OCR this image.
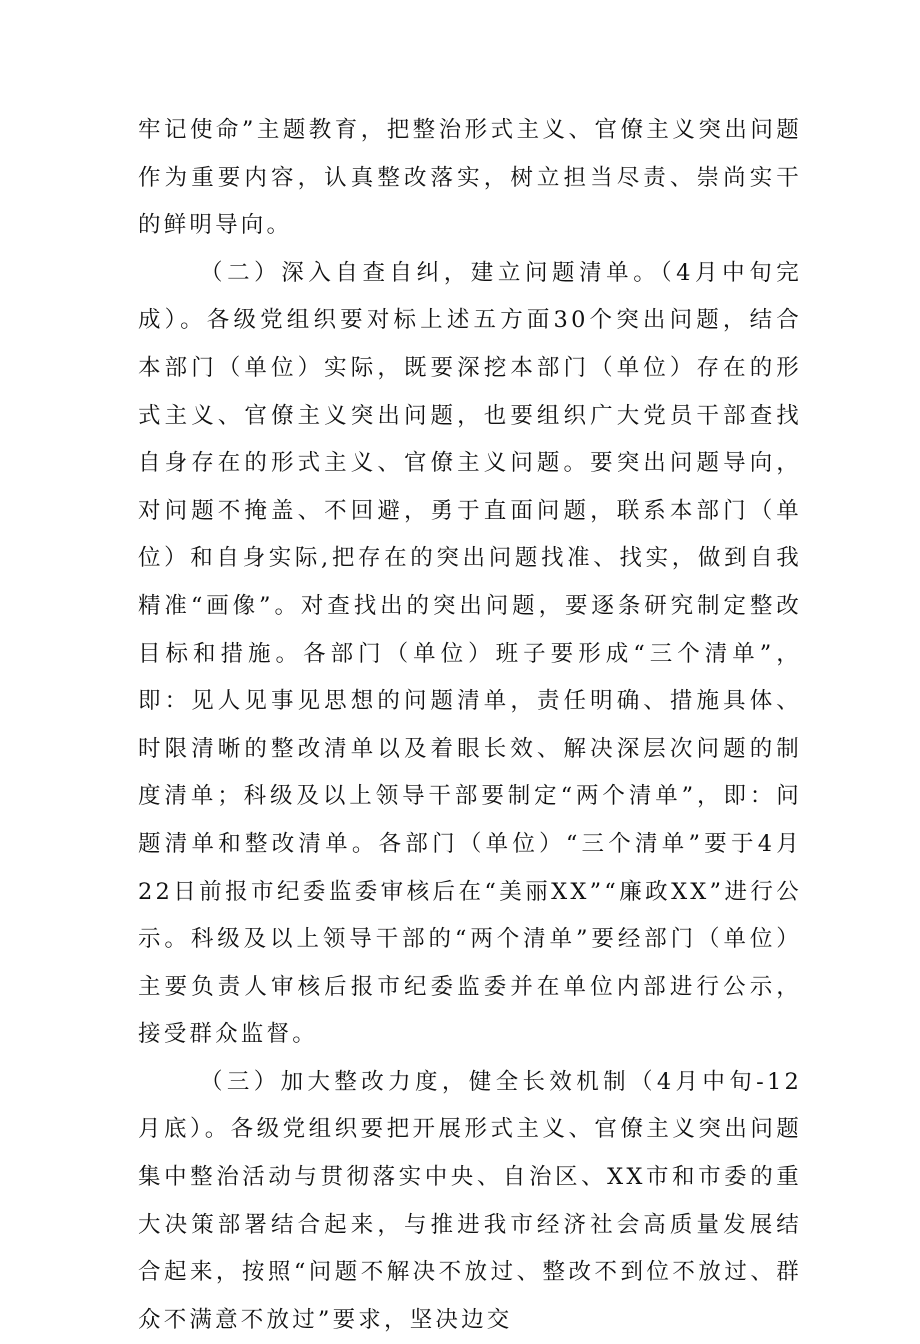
牢记使命”主题教育，把整治形式主义、官僚主义突出问题作为重要内容，认真整改落实，树立担当尽责、崇尚实干的鲜明导向。

（二）深入自查自纠，建立问题清单。（4月中旬完成）。各级党组织要对标上述五方面30个突出问题，结合本部门（单位）实际，既要深挖本部门（单位）存在的形式主义、官僚主义突出问题，也要组织广大党员干部查找自身存在的形式主义、官僚主义问题。要突出问题导向，对问题不掩盖、不回避，勇于直面问题，联系本部门（单位）和自身实际,把存在的突出问题找准、找实，做到自我精准“画像”。对查找出的突出问题，要逐条研究制定整改目标和措施。各部门（单位）班子要形成“三个清单”，即：见人见事见思想的问题清单，责任明确、措施具体、时限清晰的整改清单以及着眼长效、解决深层次问题的制度清单；科级及以上领导干部要制定“两个清单”，即：问题清单和整改清单。各部门（单位）“三个清单”要于4月22日前报市纪委监委审核后在“美丽XX”“廉政XX”进行公示。科级及以上领导干部的“两个清单”要经部门（单位）主要负责人审核后报市纪委监委并在单位内部进行公示，接受群众监督。

（三）加大整改力度，健全长效机制（4月中旬-12月底）。各级党组织要把开展形式主义、官僚主义突出问题集中整治活动与贯彻落实中央、自治区、XX市和市委的重大决策部署结合起来，与推进我市经济社会高质量发展结合起来，按照“问题不解决不放过、整改不到位不放过、群众不满意不放过”要求，坚决边交
